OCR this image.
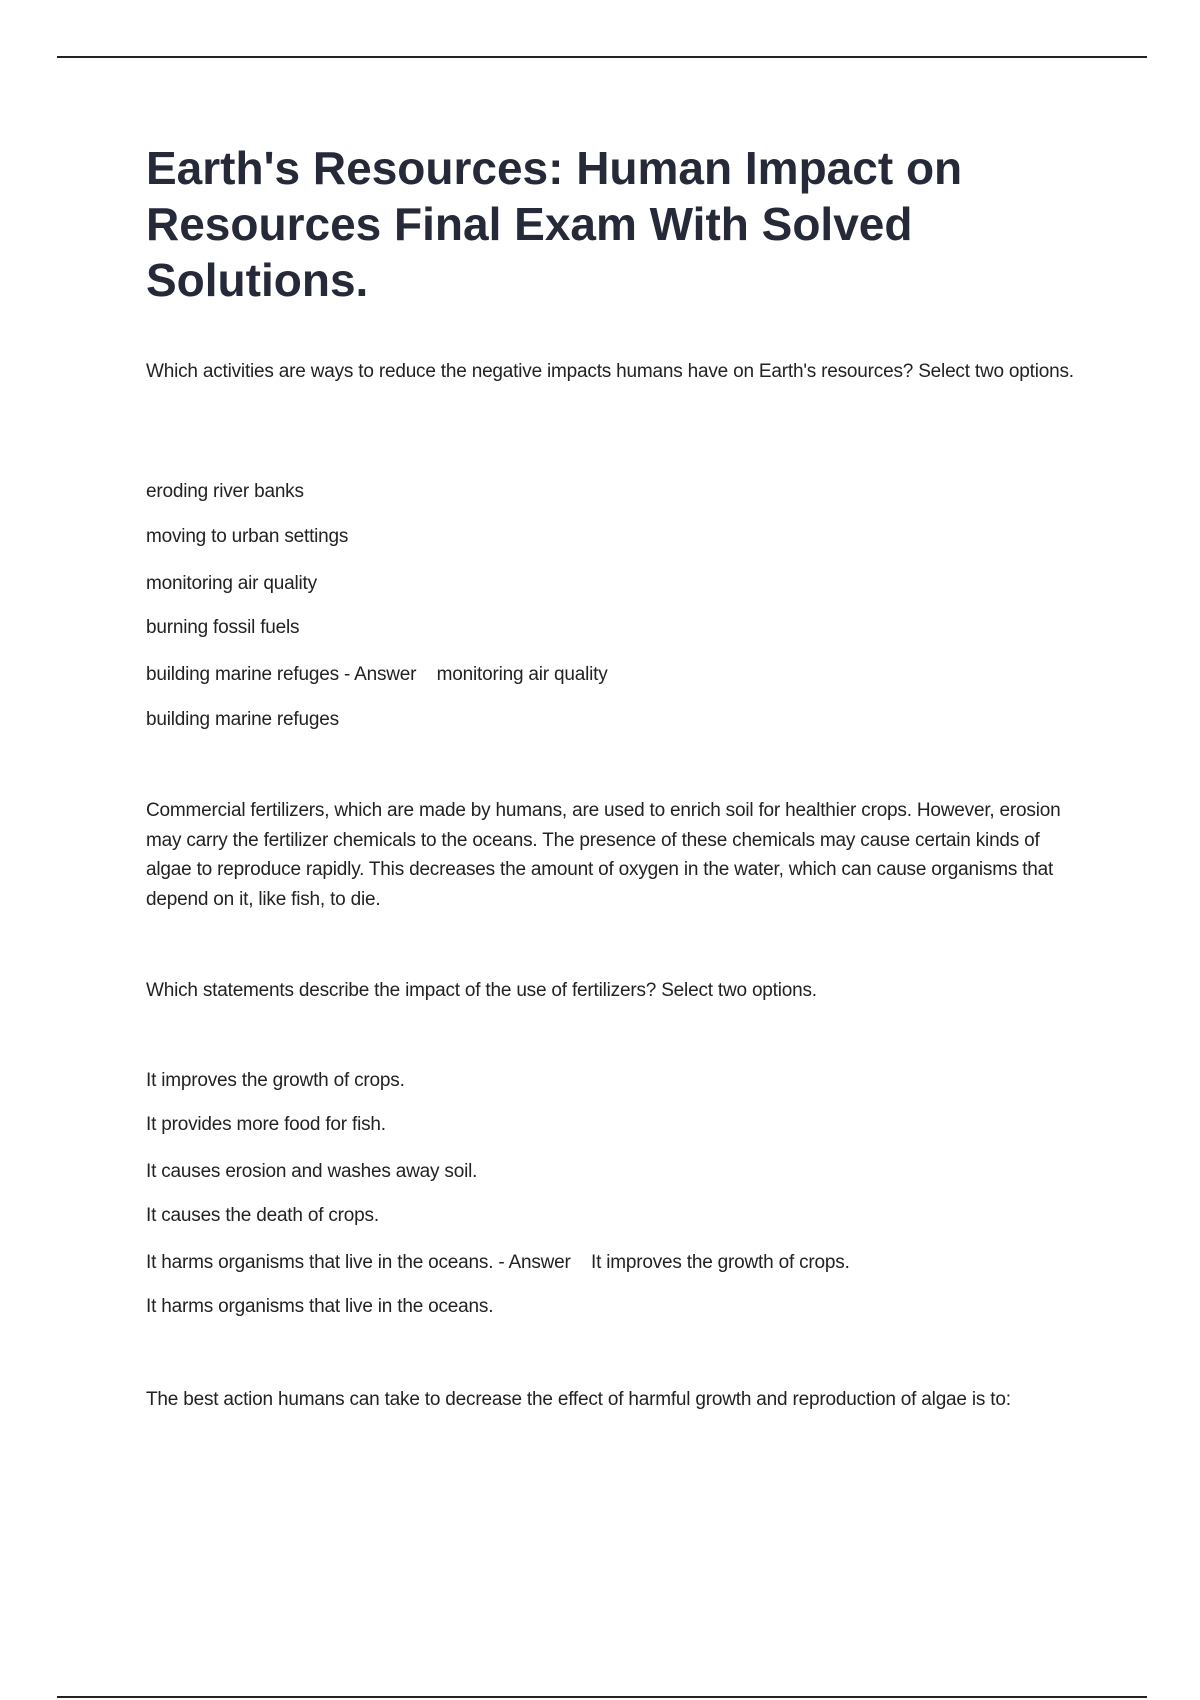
Earth's Resources: Human Impact on Resources Final Exam With Solved Solutions.

Which activities are ways to reduce the negative impacts humans have on Earth's resources? Select two options.

eroding river banks

moving to urban settings

monitoring air quality

burning fossil fuels

building marine refuges - Answer    monitoring air quality

building marine refuges

Commercial fertilizers, which are made by humans, are used to enrich soil for healthier crops. However, erosion may carry the fertilizer chemicals to the oceans. The presence of these chemicals may cause certain kinds of algae to reproduce rapidly. This decreases the amount of oxygen in the water, which can cause organisms that depend on it, like fish, to die.

Which statements describe the impact of the use of fertilizers? Select two options.

It improves the growth of crops.

It provides more food for fish.

It causes erosion and washes away soil.

It causes the death of crops.

It harms organisms that live in the oceans. - Answer    It improves the growth of crops.

It harms organisms that live in the oceans.

The best action humans can take to decrease the effect of harmful growth and reproduction of algae is to:
